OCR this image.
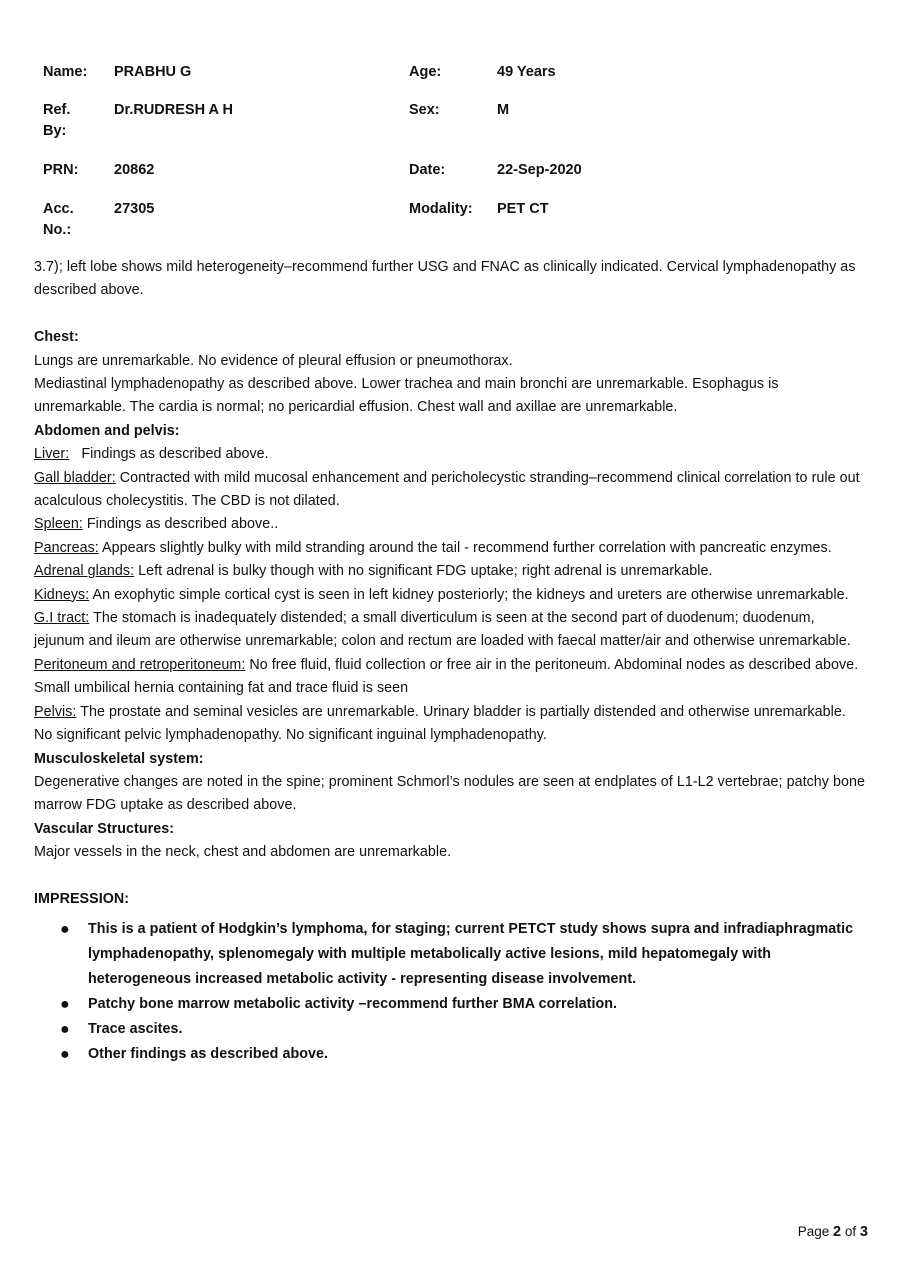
Name: PRABHU G	Age:	49 Years
Ref.
By:
Dr.RUDRESH A H	Sex:	M
PRN: 20862	Date:	22-Sep-2020
Acc.
No.:
27305	Modality: PET CT

3.7); left lobe shows mild heterogeneity–recommend further USG and FNAC as clinically indicated. Cervical lymphadenopathy as described above.

Chest:

Lungs are unremarkable. No evidence of pleural effusion or pneumothorax.

Mediastinal lymphadenopathy as described above. Lower trachea and main bronchi are unremarkable. Esophagus is unremarkable. The cardia is normal; no pericardial effusion. Chest wall and axillae are unremarkable.

Abdomen and pelvis:

Liver:   Findings as described above.

Gall bladder: Contracted with mild mucosal enhancement and pericholecystic stranding–recommend clinical correlation to rule out acalculous cholecystitis. The CBD is not dilated.

Spleen: Findings as described above..

Pancreas: Appears slightly bulky with mild stranding around the tail - recommend further correlation with pancreatic enzymes.

Adrenal glands: Left adrenal is bulky though with no significant FDG uptake; right adrenal is unremarkable.

Kidneys: An exophytic simple cortical cyst is seen in left kidney posteriorly; the kidneys and ureters are otherwise unremarkable.

G.I tract: The stomach is inadequately distended; a small diverticulum is seen at the second part of duodenum; duodenum, jejunum and ileum are otherwise unremarkable; colon and rectum are loaded with faecal matter/air and otherwise unremarkable.

Peritoneum and retroperitoneum: No free fluid, fluid collection or free air in the peritoneum. Abdominal nodes as described above. Small umbilical hernia containing fat and trace fluid is seen

Pelvis: The prostate and seminal vesicles are unremarkable. Urinary bladder is partially distended and otherwise unremarkable. No significant pelvic lymphadenopathy. No significant inguinal lymphadenopathy.

Musculoskeletal system:

Degenerative changes are noted in the spine; prominent Schmorl’s nodules are seen at endplates of L1-L2 vertebrae; patchy bone marrow FDG uptake as described above.

Vascular Structures:

Major vessels in the neck, chest and abdomen are unremarkable.

IMPRESSION:

● This is a patient of Hodgkin’s lymphoma, for staging; current PETCT study shows supra and infradiaphragmatic lymphadenopathy, splenomegaly with multiple metabolically active lesions, mild hepatomegaly with heterogeneous increased metabolic activity - representing disease involvement.
● Patchy bone marrow metabolic activity –recommend further BMA correlation.
● Trace ascites.
● Other findings as described above.
Page 2 of 3
